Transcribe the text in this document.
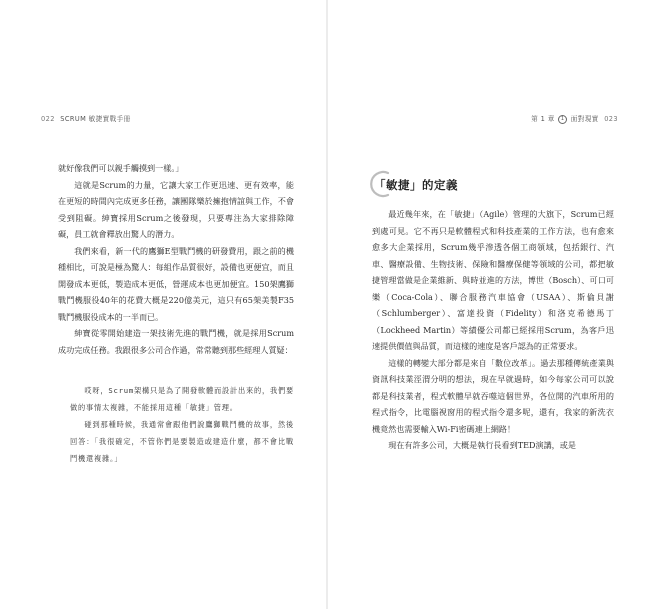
022 SCRUM 敏捷實戰手冊

就好像我們可以親手觸摸到一樣。」

這就是Scrum的力量，它讓大家工作更迅速、更有效率，能在更短的時間內完成更多任務，讓團隊樂於擁抱情誼與工作，不會受到阻礙。紳寶採用Scrum之後發現，只要專注為大家排除障礙，員工就會釋放出驚人的潛力。

我們來看，新一代的鷹獅E型戰鬥機的研發費用，跟之前的機種相比，可說是極為驚人：每組作品質很好，設備也更便宜，而且開發成本更低，製造成本更低，營運成本也更加便宜。150架鷹獅戰鬥機服役40年的花費大概是220億美元，這只有65架美製F35戰鬥機服役成本的一半而已。

紳寶從零開始建造一架技術先進的戰鬥機，就是採用Scrum成功完成任務。我跟很多公司合作過，常常聽到那些經理人質疑：

哎呀，Scrum架構只是為了開發軟體而設計出來的，我們要做的事情太複雜，不能採用這種「敏捷」管理。

碰到那種時候，我通常會跟他們說鷹獅戰鬥機的故事，然後回答：「我很確定，不管你們是要製造或建造什麼，都不會比戰鬥機還複雜。」

第 1 章 1 面對現實 023
「敏捷」的定義

最近幾年來，在「敏捷」（Agile）管理的大旗下，Scrum已經到處可見。它不再只是軟體程式和科技產業的工作方法，也有愈來愈多大企業採用，Scrum幾乎滲透各個工商領域，包括銀行、汽車、醫療設備、生物技術、保險和醫療保健等領域的公司，都把敏捷管理當做是企業維新、與時並進的方法，博世（Bosch）、可口可樂（Coca-Cola）、聯合服務汽車協會（USAA）、斯倫貝謝（Schlumberger）、富達投資（Fidelity）和洛克希德馬丁（Lockheed Martin）等績優公司都已經採用Scrum，為客戶迅速提供價值與品質，而這樣的速度是客戶認為的正常要求。

這樣的轉變大部分都是來自「數位改革」。過去那種傳統產業與資訊科技業涇渭分明的想法，現在早就過時，如今每家公司可以說都是科技業者，程式軟體早就吞噬這個世界，各位開的汽車所用的程式指令，比電腦視窗用的程式指令還多呢，還有，我家的新洗衣機竟然也需要輸入Wi-Fi密碼連上網路！

現在有許多公司，大概是執行長看到TED演講，或是
